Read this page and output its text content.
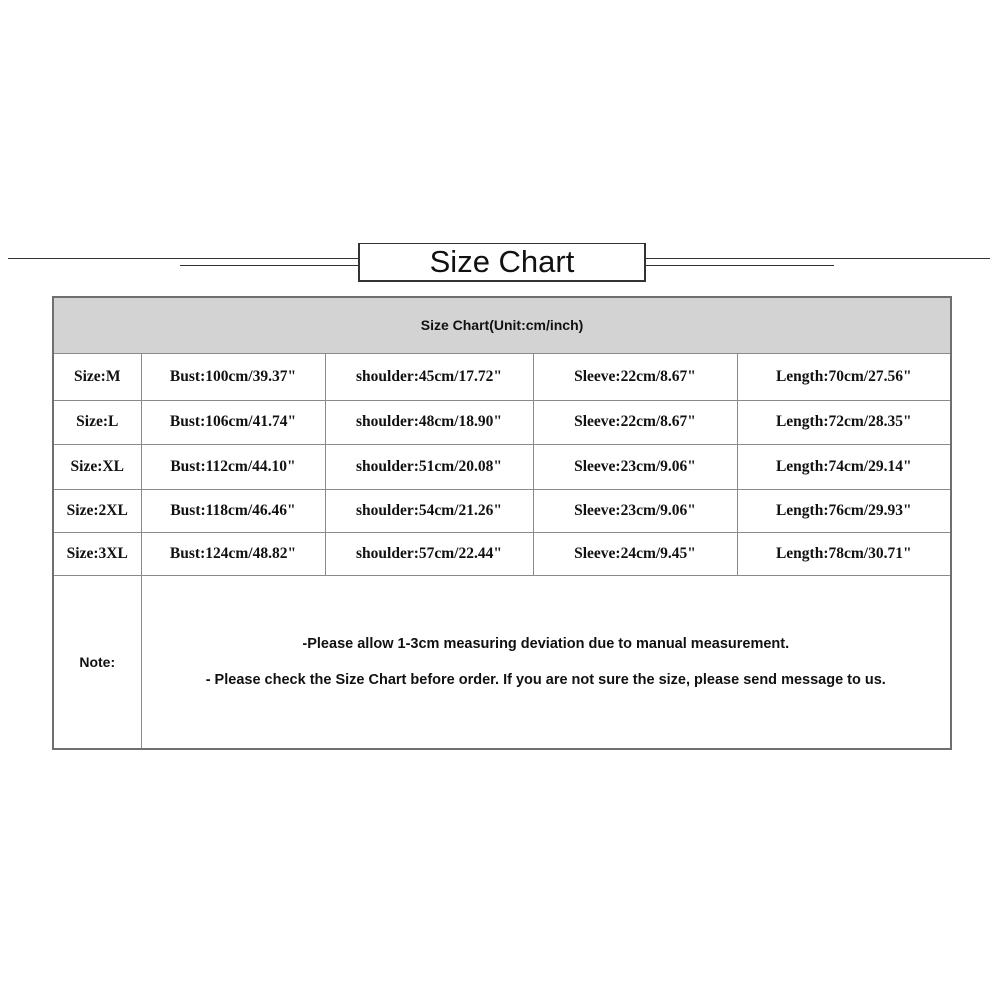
Size Chart
Size Chart(Unit:cm/inch)				
Size:M	Bust:100cm/39.37"	shoulder:45cm/17.72"	Sleeve:22cm/8.67"	Length:70cm/27.56"
Size:L	Bust:106cm/41.74"	shoulder:48cm/18.90"	Sleeve:22cm/8.67"	Length:72cm/28.35"
Size:XL	Bust:112cm/44.10"	shoulder:51cm/20.08"	Sleeve:23cm/9.06"	Length:74cm/29.14"
Size:2XL	Bust:118cm/46.46"	shoulder:54cm/21.26"	Sleeve:23cm/9.06"	Length:76cm/29.93"
Size:3XL	Bust:124cm/48.82"	shoulder:57cm/22.44"	Sleeve:24cm/9.45"	Length:78cm/30.71"
Note:	-Please allow 1-3cm measuring deviation due to manual measurement.
- Please check the Size Chart before order. If you are not sure the size, please send message to us.			
